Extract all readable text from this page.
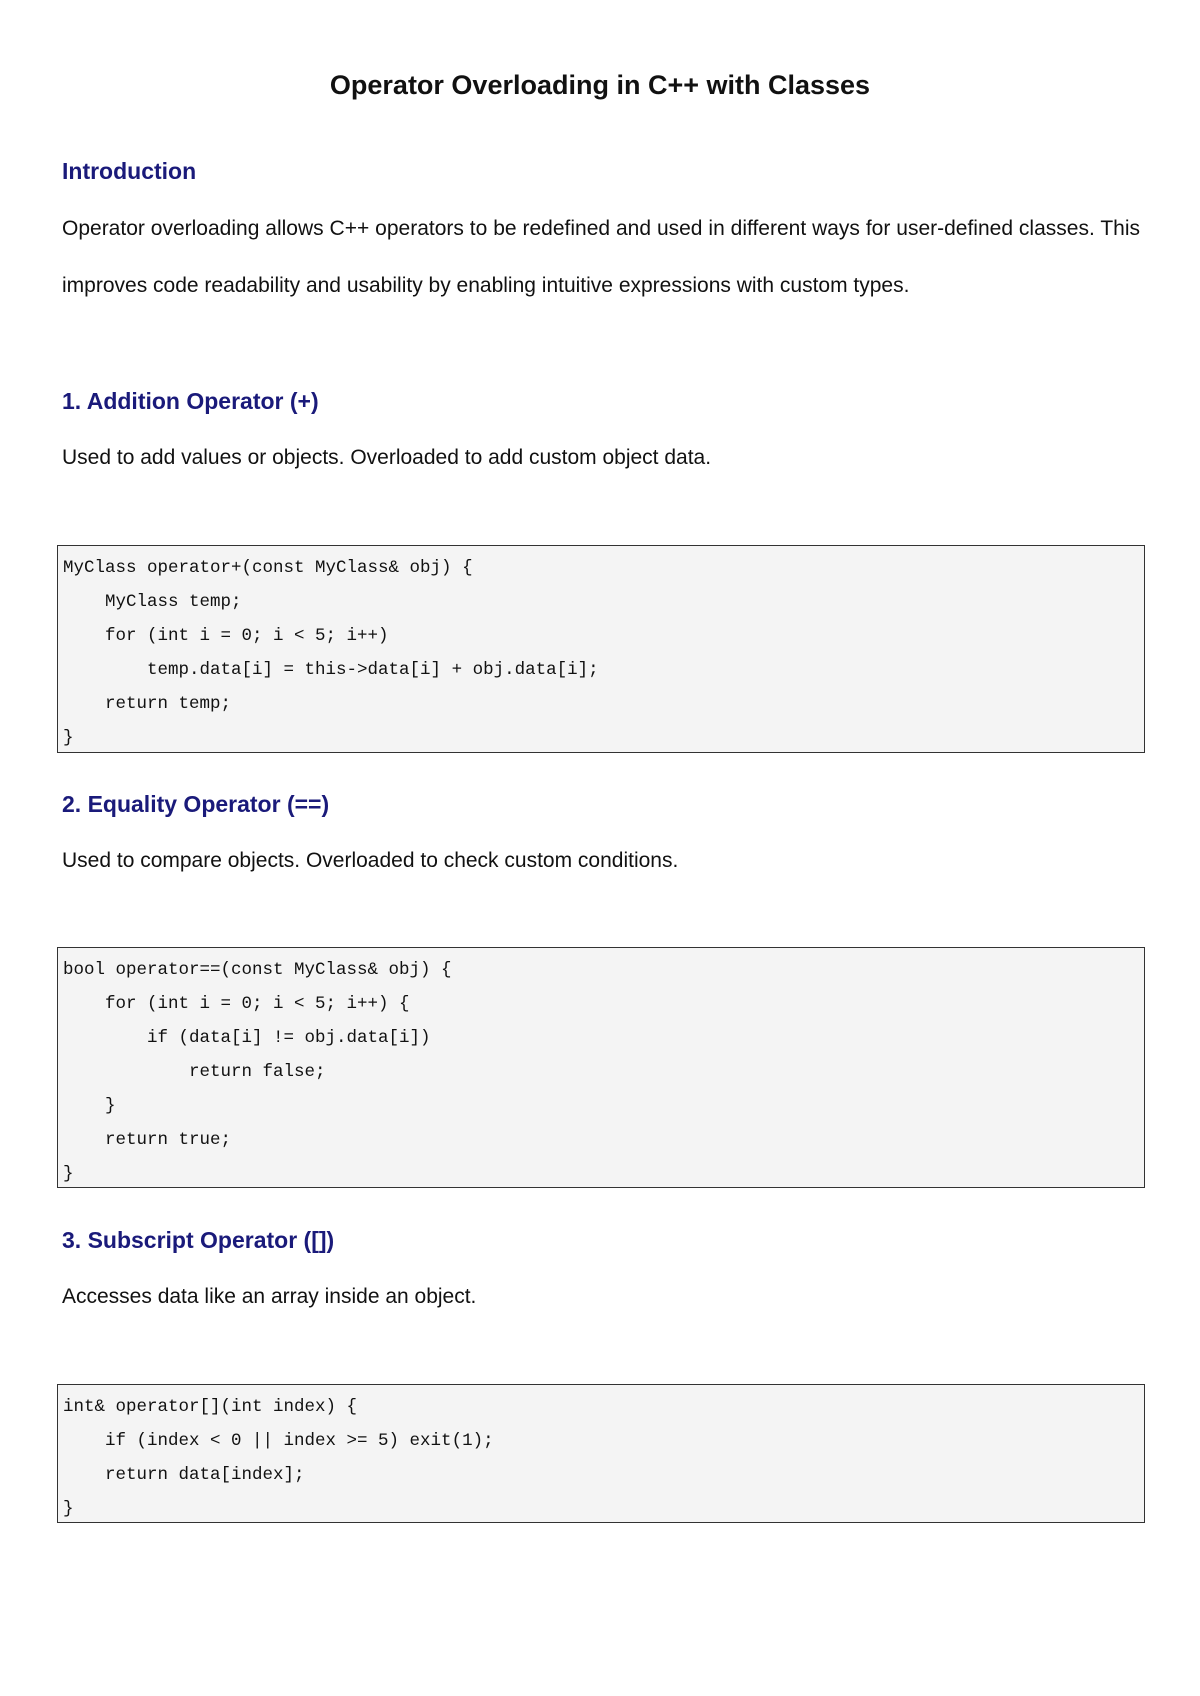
Operator Overloading in C++ with Classes
Introduction

Operator overloading allows C++ operators to be redefined and used in different ways for user-defined classes. This improves code readability and usability by enabling intuitive expressions with custom types.

1. Addition Operator (+)

Used to add values or objects. Overloaded to add custom object data.

MyClass operator+(const MyClass& obj) {
MyClass temp;
for (int i = 0; i < 5; i++)
temp.data[i] = this->data[i] + obj.data[i];
return temp;
}
2. Equality Operator (==)

Used to compare objects. Overloaded to check custom conditions.

bool operator==(const MyClass& obj) {
for (int i = 0; i < 5; i++) {
if (data[i] != obj.data[i])
return false;
}
return true;
}
3. Subscript Operator ([])

Accesses data like an array inside an object.

int& operator[](int index) {
if (index < 0 || index >= 5) exit(1);
return data[index];
}
